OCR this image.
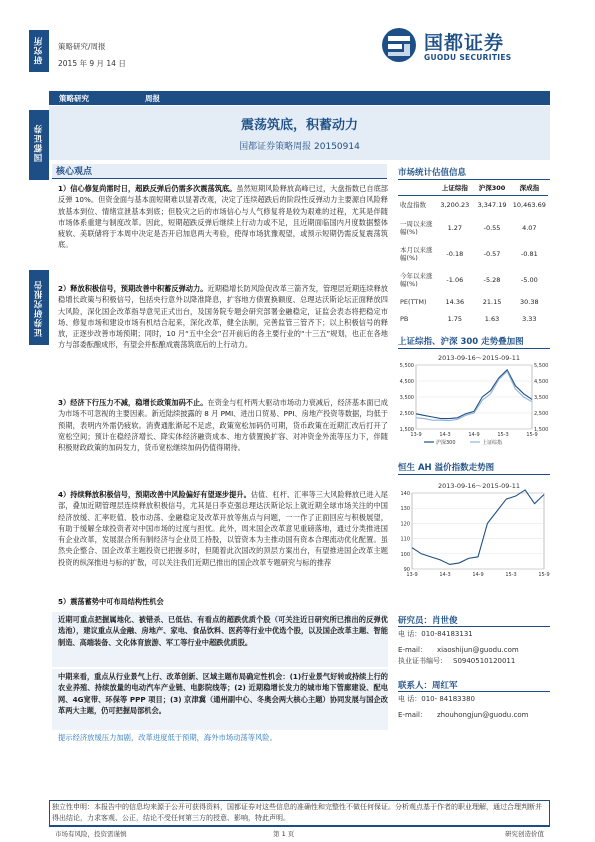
研究所
国都证券
证券研究报告
策略研究/周报
2015 年 9 月 14 日
国都证券
GUODU SECURITIES
策略研究	周报
震荡筑底，积蓄动力
国都证券策略周报 20150914
核心观点
1）信心修复尚需时日，超跌反弹后仍需多次震荡筑底。虽然短期风险释放高峰已过，大盘指数已自底部反弹 10%。但资金面与基本面短期难以显著改观，决定了连续超跌后的阶段性反弹动力主要源自风险释放基本到位、情绪宣泄基本到底；但股灾之后的市场信心与人气修复将是较为艰难的过程，尤其是伴随市场体系重建与制度改革。因此，短期超跌反弹后继续上行动力或不足，且近期面临国内月度数据整体疲软、美联储将于本周中决定是否开启加息两大考验，使得市场犹豫观望，或预示短期仍需反复震荡筑底。
2）释放积极信号，预期改善中积蓄反弹动力。近期稳增长防风险促改革三箭齐发，管理层近期连续释放稳增长政策与积极信号，包括央行意外以降准降息，扩容地方债置换额度、总理达沃斯论坛正面释放四大风险，深化国企改革指导意见正式出台，及国务院专题会研究部署金融稳定，证监会表态将把稳定市场、修复市场和建设市场有机结合起来，深化改革，健全法制，完善监管三管齐下；以上积极信号的释放，正逐步改善市场预期；同时，10 月“五中全会”召开前后的各主要行业的“十三五”规划，也正在各地方与部委酝酿成形，有望会并酝酿成震荡筑底后的上行动力。
3）经济下行压力不减，稳增长政策加码不止。在资金与杠杆两大驱动市场动力衰减后，经济基本面已成为市场不可忽视的主要因素。新近陆续披露的 8 月 PMI、进出口贸易、PPI、房地产投资等数据，均低于预期，表明内外需仍疲软。消费通胀渐起不足虑，政策宽松加码仍可期，货币政策在近期汇改后打开了宽松空间；预计在稳经济增长、降实体经济融资成本、地方债置换扩容、对冲资金外流等压力下，伴随积极财政政策的加码发力，货币宽松继续加码仍值得期待。
4）持续释放积极信号，预期改善中风险偏好有望逐步提升。估值、杠杆、汇率等三大风险释放已进入尾部，叠加近期管理层连续释放积极信号，尤其是日李克强总理达沃斯论坛上就近期全球市场关注的中国经济放缓、汇率贬值、股市动荡、金融稳定及改革开放等焦点与问题，一一作了正面回应与积极展望，有助于缓解全球投资者对中国市场的过度与担忧。此外，周末国企改革意见重磅落地，通过分类推进国有企业改革，发展混合所有制经济与企业员工持股，以管资本为主推动国有资本合理流动优化配置。虽然央企整合、国企改革主题投资已把握多时，但随着此次国改的顶层方案出台，有望推进国企改革主题投资的纵深推进与标的扩散，可以关注我们近期已推出的国企改革专题研究与标的推荐
5）震荡蓄势中可布局结构性机会
近期可重点把握属地化、被错杀、已低估、有看点的超跌优质个股（可关注近日研究所已推出的反弹优选池），建议重点从金融、房地产、家电、食品饮料、医药等行业中优选个股，以及国企改革主题、智能制造、高端装备、文化体育旅游、军工等行业中超跌优质股。
中期来看，重点从行业景气上行、改革创新、区域主题布局确定性机会：(1)行业景气好转或持续上行的农业养殖、持续放量的电动汽车产业链、电影院线等；(2) 近期稳增长发力的城市地下管廊建设、配电网、4G宽带、环保等 PPP 项目；(3) 京津冀（通州副中心、冬奥会两大核心主题）协同发展与国企改革两大主题，仍可把握局部机会。
提示经济放缓压力加剧，改革进度低于预期，海外市场动荡等风险。
市场统计估值信息
	上证综指	沪深300	深成指
收盘指数	3,200.23	3,347.19	10,463.69
一周以来涨幅(%)	1.27	-0.55	4.07
本月以来涨幅(%)	-0.18	-0.57	-0.81
今年以来涨幅(%)	-1.06	-5.28	-5.00
PE(TTM)	14.36	21.15	30.38
PB	1.75	1.63	3.33
上证综指、沪深 300 走势叠加图
2013-09-16～2015-09-11
5,500	5,500
4,500	4,500
3,500	3,500
2,500	2,500
1,500	1,500
13-9	14-3	14-9	15-3	15-9
沪深300	上证综指
恒生 AH 溢价指数走势图
2013-09-16～2015-09-11
140
130
120
110
100
90
13-9	14-3	14-9	15-3	15-9
研究员：肖世俊
电 话：010-84183131
E-mail： xiaoshijun@guodu.com
执业证书编号： S0940510120011
联系人：周红军
电 话：010- 84183380
E-mail： zhouhongjun@guodu.com
独立性申明：本报告中的信息均来源于公开可获得资料，国都证券对这些信息的准确性和完整性不做任何保证。分析观点基于作者的职业理解，通过合理判断并得出结论，力求客观、公正，结论不受任何第三方的授意、影响，特此声明。
市场有风险，投资需谨慎	第 1 页	研究创造价值
